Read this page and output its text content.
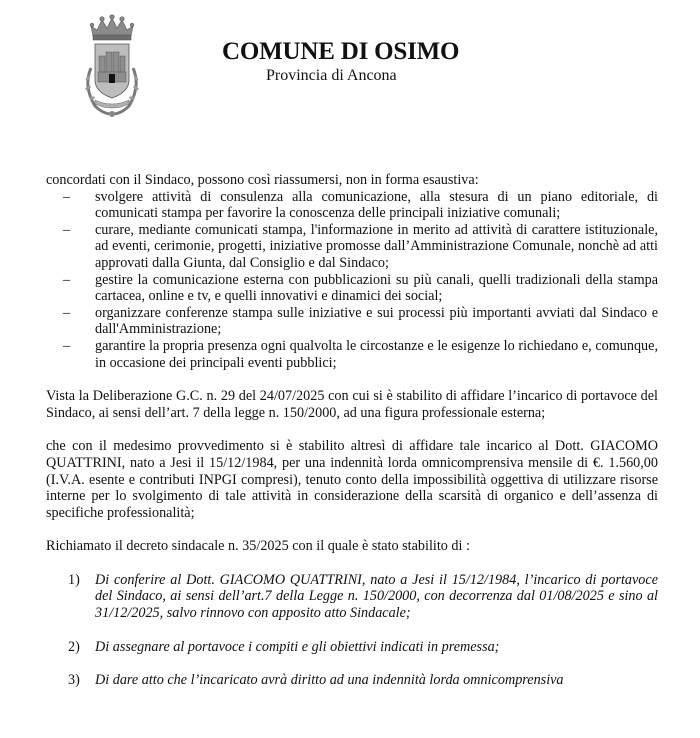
COMUNE DI OSIMO
Provincia di Ancona

concordati con il Sindaco, possono così riassumersi, non in forma esaustiva:

– svolgere attività di consulenza alla comunicazione, alla stesura di un piano editoriale, di comunicati stampa per favorire la conoscenza delle principali iniziative comunali;
– curare, mediante comunicati stampa, l'informazione in merito ad attività di carattere istituzionale, ad eventi, cerimonie, progetti, iniziative promosse dall’Amministrazione Comunale, nonchè ad atti approvati dalla Giunta, dal Consiglio e dal Sindaco;
– gestire la comunicazione esterna con pubblicazioni su più canali, quelli tradizionali della stampa cartacea, online e tv, e quelli innovativi e dinamici dei social;
– organizzare conferenze stampa sulle iniziative e sui processi più importanti avviati dal Sindaco e dall'Amministrazione;
– garantire la propria presenza ogni qualvolta le circostanze e le esigenze lo richiedano e, comunque, in occasione dei principali eventi pubblici;

Vista la Deliberazione G.C. n. 29 del 24/07/2025 con cui si è stabilito di affidare l’incarico di portavoce del Sindaco, ai sensi dell’art. 7 della legge n. 150/2000, ad una figura professionale esterna;

che con il medesimo provvedimento si è stabilito altresì di affidare tale incarico al Dott. GIACOMO QUATTRINI, nato a Jesi il 15/12/1984, per una indennità lorda omnicomprensiva mensile di €. 1.560,00 (I.V.A. esente e contributi INPGI compresi), tenuto conto della impossibilità oggettiva di utilizzare risorse interne per lo svolgimento di tale attività in considerazione della scarsità di organico e dell’assenza di specifiche professionalità;

Richiamato il decreto sindacale n. 35/2025 con il quale è stato stabilito di :

1) Di conferire al Dott. GIACOMO QUATTRINI, nato a Jesi il 15/12/1984, l’incarico di portavoce del Sindaco, ai sensi dell’art.7 della Legge n. 150/2000, con decorrenza dal 01/08/2025 e sino al 31/12/2025, salvo rinnovo con apposito atto Sindacale;
2) Di assegnare al portavoce i compiti e gli obiettivi indicati in premessa;
3) Di dare atto che l’incaricato avrà diritto ad una indennità lorda omnicomprensiva
